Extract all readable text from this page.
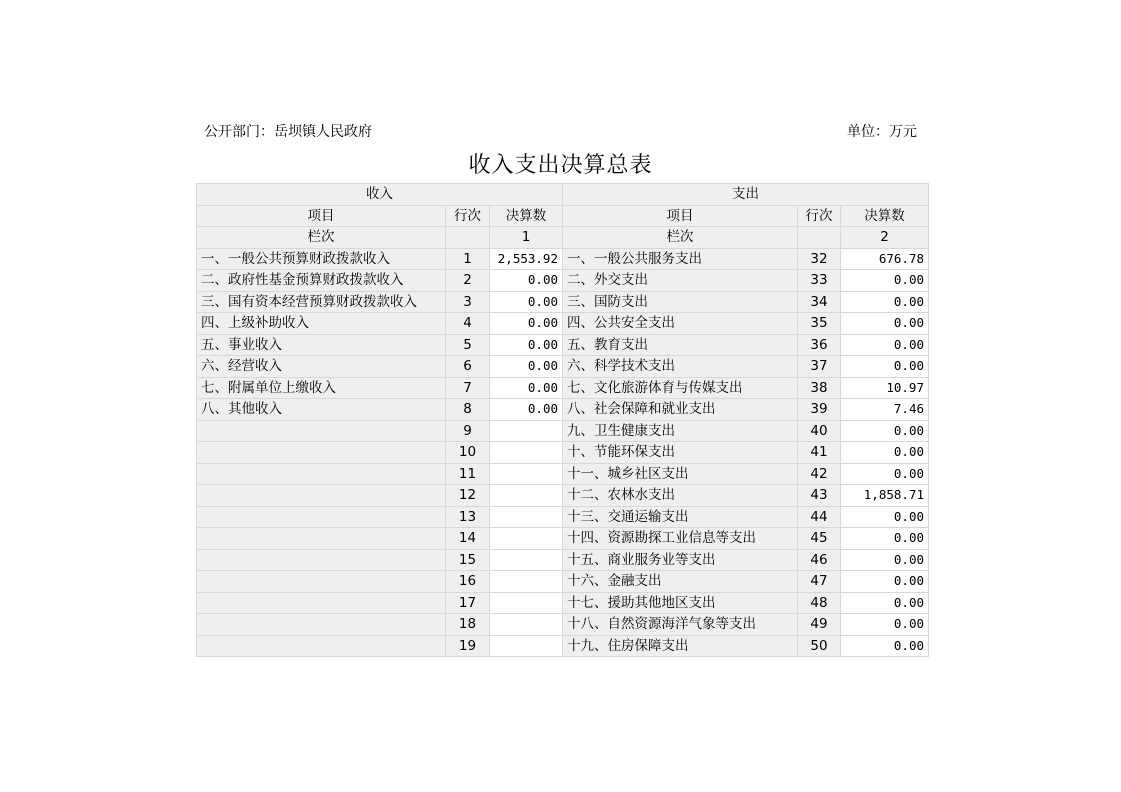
公开部门：岳坝镇人民政府	单位：万元
收入支出决算总表
收入			支出		
项目	行次	决算数	项目	行次	决算数
栏次		1	栏次		2
一、一般公共预算财政拨款收入	1	2,553.92	一、一般公共服务支出	32	676.78
二、政府性基金预算财政拨款收入	2	0.00	二、外交支出	33	0.00
三、国有资本经营预算财政拨款收入	3	0.00	三、国防支出	34	0.00
四、上级补助收入	4	0.00	四、公共安全支出	35	0.00
五、事业收入	5	0.00	五、教育支出	36	0.00
六、经营收入	6	0.00	六、科学技术支出	37	0.00
七、附属单位上缴收入	7	0.00	七、文化旅游体育与传媒支出	38	10.97
八、其他收入	8	0.00	八、社会保障和就业支出	39	7.46
	9		九、卫生健康支出	40	0.00
	10		十、节能环保支出	41	0.00
	11		十一、城乡社区支出	42	0.00
	12		十二、农林水支出	43	1,858.71
	13		十三、交通运输支出	44	0.00
	14		十四、资源勘探工业信息等支出	45	0.00
	15		十五、商业服务业等支出	46	0.00
	16		十六、金融支出	47	0.00
	17		十七、援助其他地区支出	48	0.00
	18		十八、自然资源海洋气象等支出	49	0.00
	19		十九、住房保障支出	50	0.00
